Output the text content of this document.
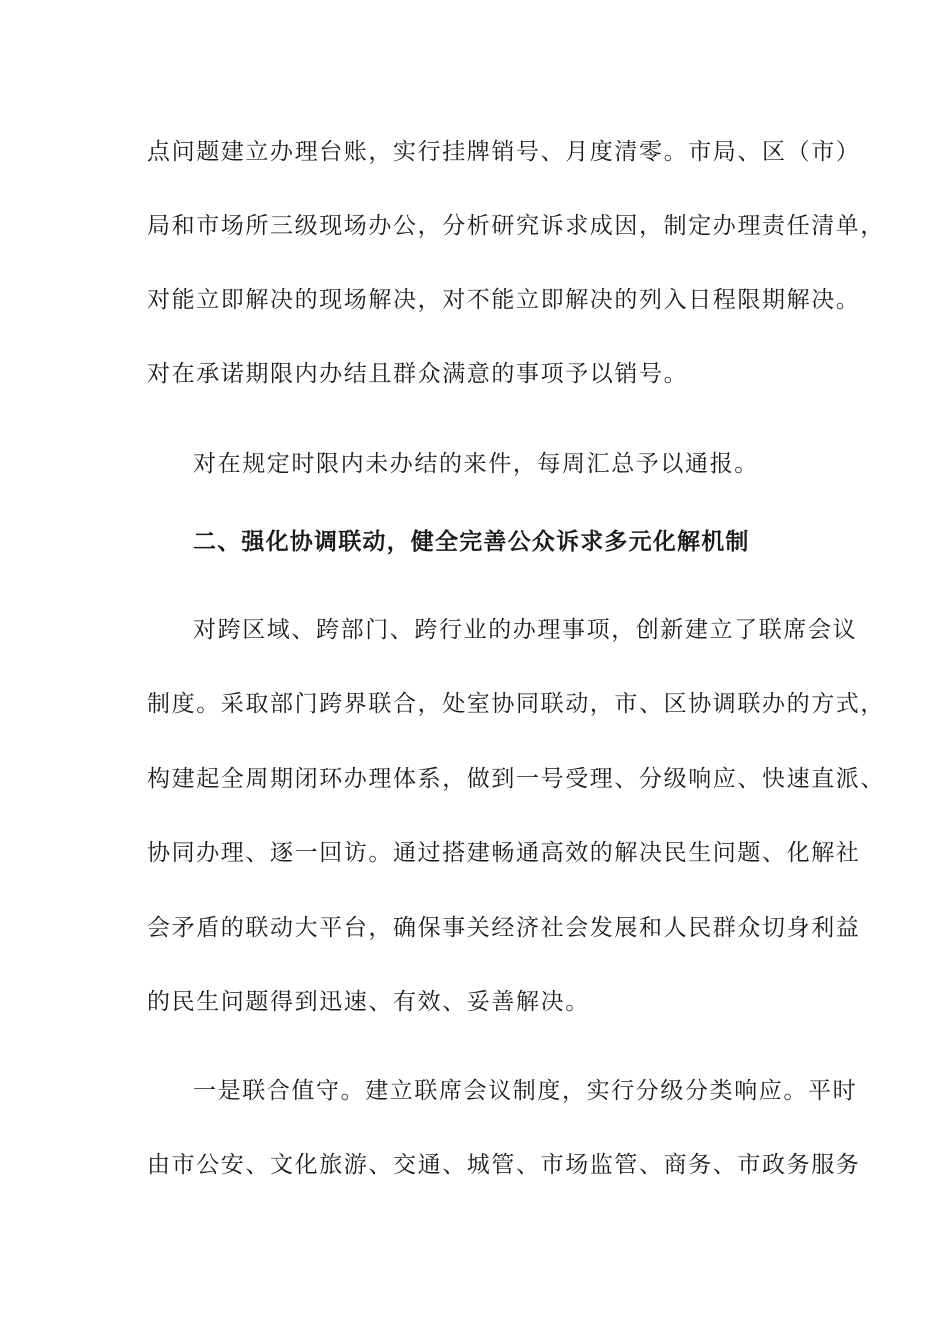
点问题建立办理台账，实行挂牌销号、月度清零。市局、区（市）
局和市场所三级现场办公，分析研究诉求成因，制定办理责任清单，
对能立即解决的现场解决，对不能立即解决的列入日程限期解决。
对在承诺期限内办结且群众满意的事项予以销号。
对在规定时限内未办结的来件，每周汇总予以通报。
二、强化协调联动，健全完善公众诉求多元化解机制
对跨区域、跨部门、跨行业的办理事项，创新建立了联席会议
制度。采取部门跨界联合，处室协同联动，市、区协调联办的方式，
构建起全周期闭环办理体系，做到一号受理、分级响应、快速直派、
协同办理、逐一回访。通过搭建畅通高效的解决民生问题、化解社
会矛盾的联动大平台，确保事关经济社会发展和人民群众切身利益
的民生问题得到迅速、有效、妥善解决。
一是联合值守。建立联席会议制度，实行分级分类响应。平时
由市公安、文化旅游、交通、城管、市场监管、商务、市政务服务
